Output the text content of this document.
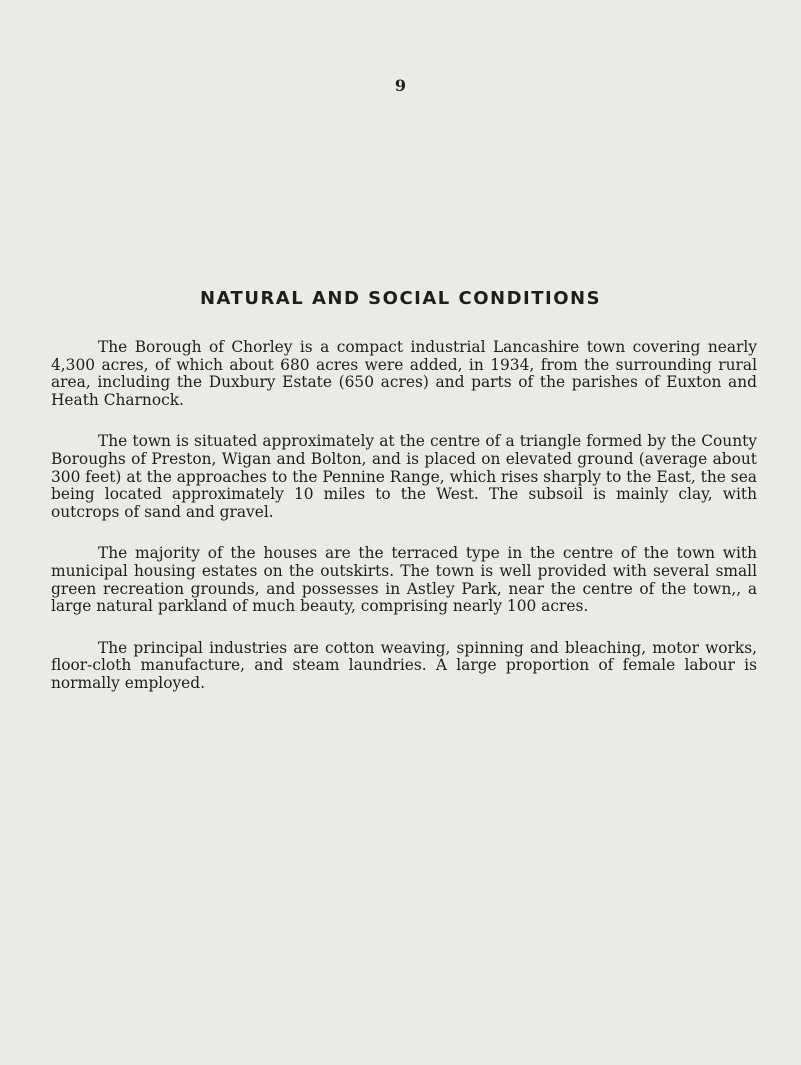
9
NATURAL AND SOCIAL CONDITIONS

The Borough of Chorley is a compact industrial Lancashire town covering nearly 4,300 acres, of which about 680 acres were added, in 1934, from the surrounding rural area, including the Duxbury Estate (650 acres) and parts of the parishes of Euxton and Heath Charnock.

The town is situated approximately at the centre of a triangle formed by the County Boroughs of Preston, Wigan and Bolton, and is placed on elevated ground (average about 300 feet) at the approaches to the Pennine Range, which rises sharply to the East, the sea being located approximately 10 miles to the West. The subsoil is mainly clay, with outcrops of sand and gravel.

The majority of the houses are the terraced type in the centre of the town with municipal housing estates on the outskirts. The town is well provided with several small green recreation grounds, and possesses in Astley Park, near the centre of the town,, a large natural parkland of much beauty, comprising nearly 100 acres.

The principal industries are cotton weaving, spinning and bleaching, motor works, floor-cloth manufacture, and steam laundries. A large proportion of female labour is normally employed.
